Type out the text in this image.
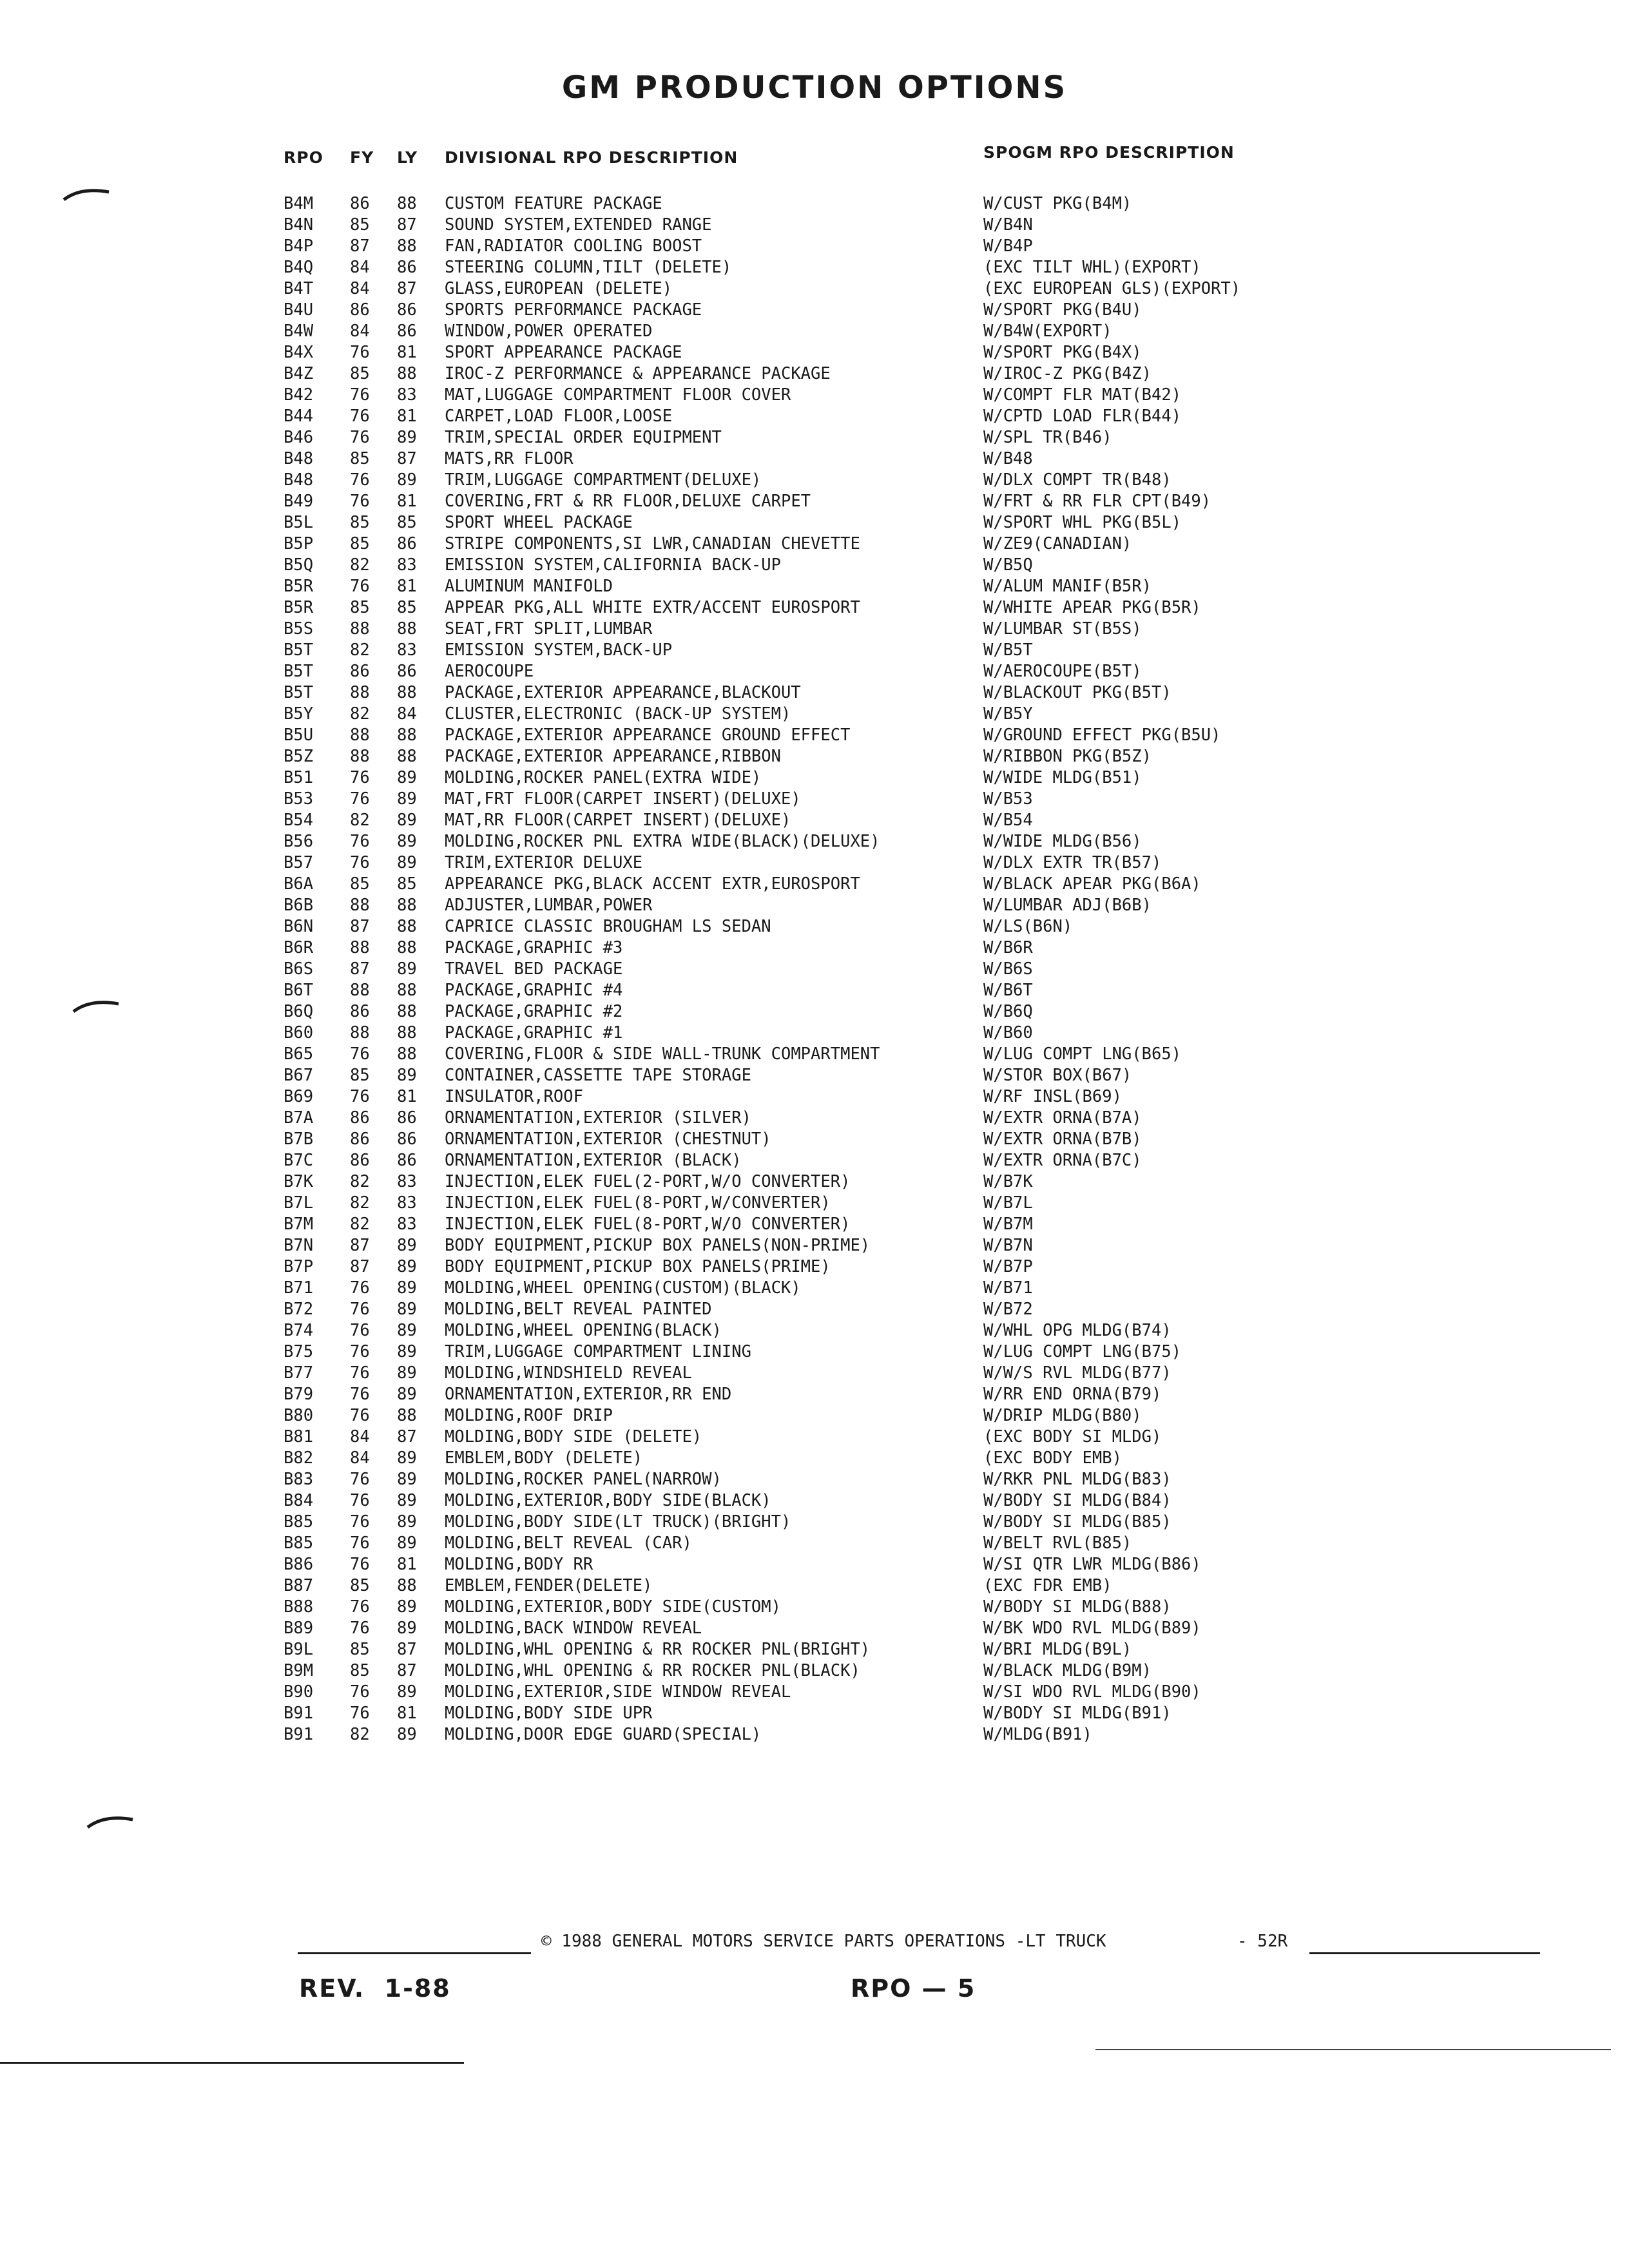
GM PRODUCTION OPTIONS
RPO FY LY DIVISIONAL RPO DESCRIPTION	SPOGM RPO DESCRIPTION
B4M 86 88 CUSTOM FEATURE PACKAGE	W/CUST PKG(B4M)
B4N 85 87 SOUND SYSTEM,EXTENDED RANGE	W/B4N
B4P 87 88 FAN,RADIATOR COOLING BOOST	W/B4P
B4Q 84 86 STEERING COLUMN,TILT (DELETE)	(EXC TILT WHL)(EXPORT)
B4T 84 87 GLASS,EUROPEAN (DELETE)	(EXC EUROPEAN GLS)(EXPORT)
B4U 86 86 SPORTS PERFORMANCE PACKAGE	W/SPORT PKG(B4U)
B4W 84 86 WINDOW,POWER OPERATED	W/B4W(EXPORT)
B4X 76 81 SPORT APPEARANCE PACKAGE	W/SPORT PKG(B4X)
B4Z 85 88 IROC-Z PERFORMANCE & APPEARANCE PACKAGE	W/IROC-Z PKG(B4Z)
B42 76 83 MAT,LUGGAGE COMPARTMENT FLOOR COVER	W/COMPT FLR MAT(B42)
B44 76 81 CARPET,LOAD FLOOR,LOOSE	W/CPTD LOAD FLR(B44)
B46 76 89 TRIM,SPECIAL ORDER EQUIPMENT	W/SPL TR(B46)
B48 85 87 MATS,RR FLOOR	W/B48
B48 76 89 TRIM,LUGGAGE COMPARTMENT(DELUXE)	W/DLX COMPT TR(B48)
B49 76 81 COVERING,FRT & RR FLOOR,DELUXE CARPET	W/FRT & RR FLR CPT(B49)
B5L 85 85 SPORT WHEEL PACKAGE	W/SPORT WHL PKG(B5L)
B5P 85 86 STRIPE COMPONENTS,SI LWR,CANADIAN CHEVETTE	W/ZE9(CANADIAN)
B5Q 82 83 EMISSION SYSTEM,CALIFORNIA BACK-UP	W/B5Q
B5R 76 81 ALUMINUM MANIFOLD	W/ALUM MANIF(B5R)
B5R 85 85 APPEAR PKG,ALL WHITE EXTR/ACCENT EUROSPORT	W/WHITE APEAR PKG(B5R)
B5S 88 88 SEAT,FRT SPLIT,LUMBAR	W/LUMBAR ST(B5S)
B5T 82 83 EMISSION SYSTEM,BACK-UP	W/B5T
B5T 86 86 AEROCOUPE	W/AEROCOUPE(B5T)
B5T 88 88 PACKAGE,EXTERIOR APPEARANCE,BLACKOUT	W/BLACKOUT PKG(B5T)
B5Y 82 84 CLUSTER,ELECTRONIC (BACK-UP SYSTEM)	W/B5Y
B5U 88 88 PACKAGE,EXTERIOR APPEARANCE GROUND EFFECT	W/GROUND EFFECT PKG(B5U)
B5Z 88 88 PACKAGE,EXTERIOR APPEARANCE,RIBBON	W/RIBBON PKG(B5Z)
B51 76 89 MOLDING,ROCKER PANEL(EXTRA WIDE)	W/WIDE MLDG(B51)
B53 76 89 MAT,FRT FLOOR(CARPET INSERT)(DELUXE)	W/B53
B54 82 89 MAT,RR FLOOR(CARPET INSERT)(DELUXE)	W/B54
B56 76 89 MOLDING,ROCKER PNL EXTRA WIDE(BLACK)(DELUXE)	W/WIDE MLDG(B56)
B57 76 89 TRIM,EXTERIOR DELUXE	W/DLX EXTR TR(B57)
B6A 85 85 APPEARANCE PKG,BLACK ACCENT EXTR,EUROSPORT	W/BLACK APEAR PKG(B6A)
B6B 88 88 ADJUSTER,LUMBAR,POWER	W/LUMBAR ADJ(B6B)
B6N 87 88 CAPRICE CLASSIC BROUGHAM LS SEDAN	W/LS(B6N)
B6R 88 88 PACKAGE,GRAPHIC #3	W/B6R
B6S 87 89 TRAVEL BED PACKAGE	W/B6S
B6T 88 88 PACKAGE,GRAPHIC #4	W/B6T
B6Q 86 88 PACKAGE,GRAPHIC #2	W/B6Q
B60 88 88 PACKAGE,GRAPHIC #1	W/B60
B65 76 88 COVERING,FLOOR & SIDE WALL-TRUNK COMPARTMENT	W/LUG COMPT LNG(B65)
B67 85 89 CONTAINER,CASSETTE TAPE STORAGE	W/STOR BOX(B67)
B69 76 81 INSULATOR,ROOF	W/RF INSL(B69)
B7A 86 86 ORNAMENTATION,EXTERIOR (SILVER)	W/EXTR ORNA(B7A)
B7B 86 86 ORNAMENTATION,EXTERIOR (CHESTNUT)	W/EXTR ORNA(B7B)
B7C 86 86 ORNAMENTATION,EXTERIOR (BLACK)	W/EXTR ORNA(B7C)
B7K 82 83 INJECTION,ELEK FUEL(2-PORT,W/O CONVERTER)	W/B7K
B7L 82 83 INJECTION,ELEK FUEL(8-PORT,W/CONVERTER)	W/B7L
B7M 82 83 INJECTION,ELEK FUEL(8-PORT,W/O CONVERTER)	W/B7M
B7N 87 89 BODY EQUIPMENT,PICKUP BOX PANELS(NON-PRIME)	W/B7N
B7P 87 89 BODY EQUIPMENT,PICKUP BOX PANELS(PRIME)	W/B7P
B71 76 89 MOLDING,WHEEL OPENING(CUSTOM)(BLACK)	W/B71
B72 76 89 MOLDING,BELT REVEAL PAINTED	W/B72
B74 76 89 MOLDING,WHEEL OPENING(BLACK)	W/WHL OPG MLDG(B74)
B75 76 89 TRIM,LUGGAGE COMPARTMENT LINING	W/LUG COMPT LNG(B75)
B77 76 89 MOLDING,WINDSHIELD REVEAL	W/W/S RVL MLDG(B77)
B79 76 89 ORNAMENTATION,EXTERIOR,RR END	W/RR END ORNA(B79)
B80 76 88 MOLDING,ROOF DRIP	W/DRIP MLDG(B80)
B81 84 87 MOLDING,BODY SIDE (DELETE)	(EXC BODY SI MLDG)
B82 84 89 EMBLEM,BODY (DELETE)	(EXC BODY EMB)
B83 76 89 MOLDING,ROCKER PANEL(NARROW)	W/RKR PNL MLDG(B83)
B84 76 89 MOLDING,EXTERIOR,BODY SIDE(BLACK)	W/BODY SI MLDG(B84)
B85 76 89 MOLDING,BODY SIDE(LT TRUCK)(BRIGHT)	W/BODY SI MLDG(B85)
B85 76 89 MOLDING,BELT REVEAL (CAR)	W/BELT RVL(B85)
B86 76 81 MOLDING,BODY RR	W/SI QTR LWR MLDG(B86)
B87 85 88 EMBLEM,FENDER(DELETE)	(EXC FDR EMB)
B88 76 89 MOLDING,EXTERIOR,BODY SIDE(CUSTOM)	W/BODY SI MLDG(B88)
B89 76 89 MOLDING,BACK WINDOW REVEAL	W/BK WDO RVL MLDG(B89)
B9L 85 87 MOLDING,WHL OPENING & RR ROCKER PNL(BRIGHT)	W/BRI MLDG(B9L)
B9M 85 87 MOLDING,WHL OPENING & RR ROCKER PNL(BLACK)	W/BLACK MLDG(B9M)
B90 76 89 MOLDING,EXTERIOR,SIDE WINDOW REVEAL	W/SI WDO RVL MLDG(B90)
B91 76 81 MOLDING,BODY SIDE UPR	W/BODY SI MLDG(B91)
B91 82 89 MOLDING,DOOR EDGE GUARD(SPECIAL)	W/MLDG(B91)
© 1988 GENERAL MOTORS SERVICE PARTS OPERATIONS -LT TRUCK	- 52R
REV.  1-88	RPO — 5
